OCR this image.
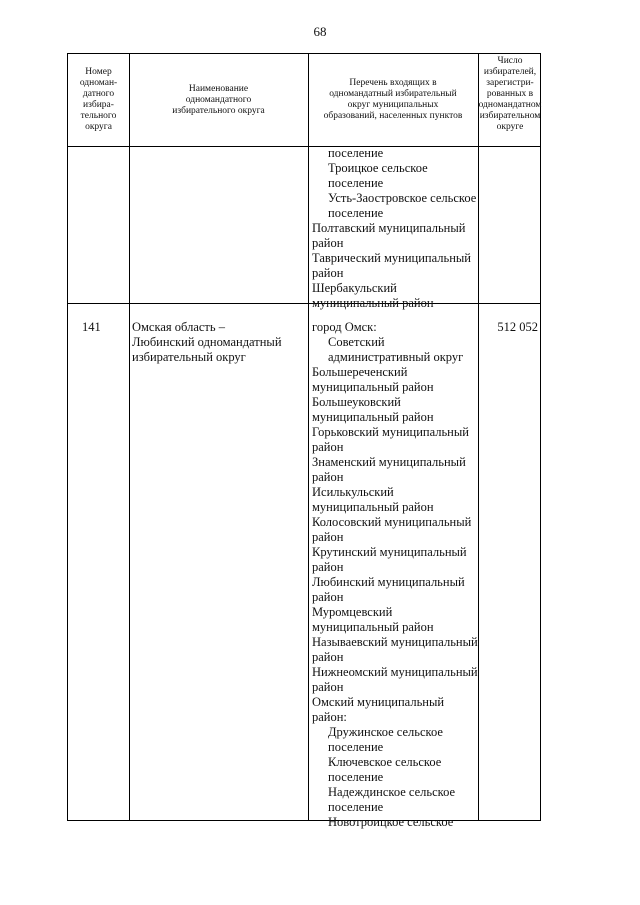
68
Номер
одноман-
датного
избира-
тельного
округа
Наименование
одномандатного
избирательного округа
Перечень входящих в
одномандатный избирательный
округ муниципальных
образований, населенных пунктов
Число
избирателей,
зарегистри-
рованных в
одномандатном
избирательном
округе
поселение
Троицкое сельское
поселение
Усть-Заостровское сельское
поселение
Полтавский муниципальный
район
Таврический муниципальный
район
Шербакульский
муниципальный район
141	Омская область –
Любинский одномандатный
избирательный округ
512 052
город Омск:
Советский
административный округ
Большереченский
муниципальный район
Большеуковский
муниципальный район
Горьковский муниципальный
район
Знаменский муниципальный
район
Исилькульский
муниципальный район
Колосовский муниципальный
район
Крутинский муниципальный
район
Любинский муниципальный
район
Муромцевский
муниципальный район
Называевский муниципальный
район
Нижнеомский муниципальный
район
Омский муниципальный
район:
Дружинское сельское
поселение
Ключевское сельское
поселение
Надеждинское сельское
поселение
Новотроицкое сельское
